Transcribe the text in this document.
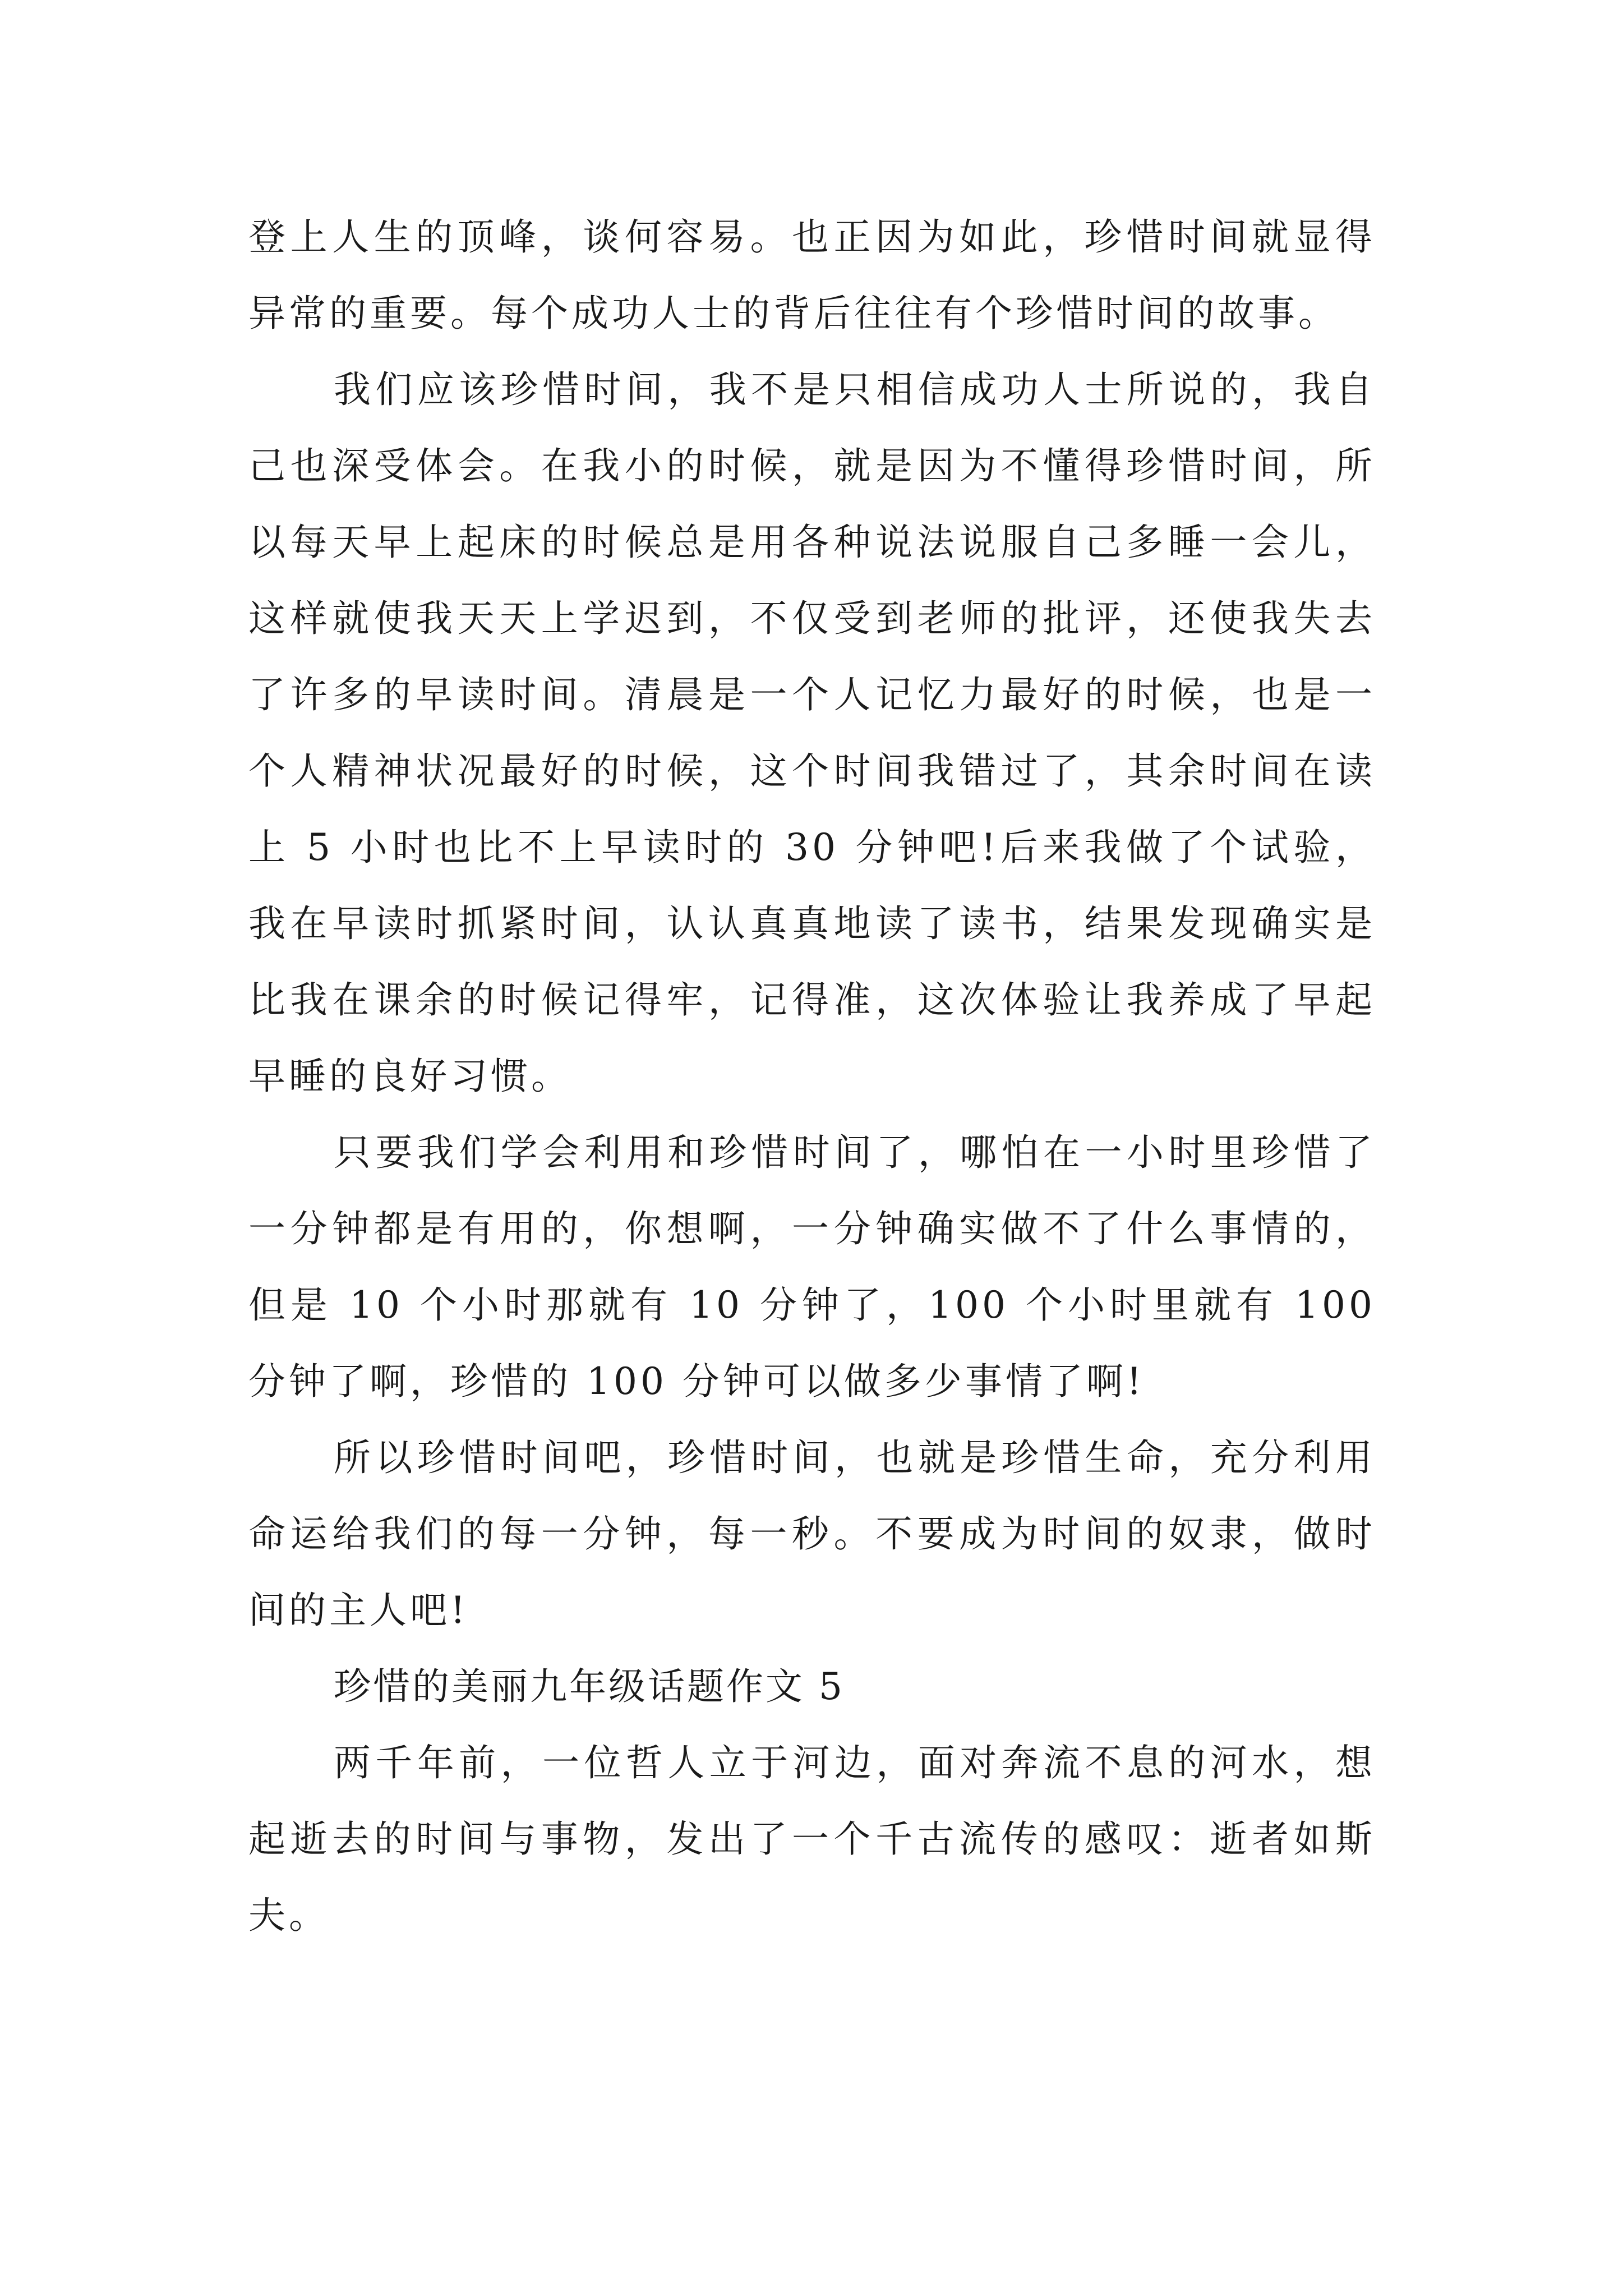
登上人生的顶峰，谈何容易。也正因为如此，珍惜时间就显得异常的重要。每个成功人士的背后往往有个珍惜时间的故事。

我们应该珍惜时间，我不是只相信成功人士所说的，我自己也深受体会。在我小的时候，就是因为不懂得珍惜时间，所以每天早上起床的时候总是用各种说法说服自己多睡一会儿，这样就使我天天上学迟到，不仅受到老师的批评，还使我失去了许多的早读时间。清晨是一个人记忆力最好的时候，也是一个人精神状况最好的时候，这个时间我错过了，其余时间在读上 5 小时也比不上早读时的 30 分钟吧!后来我做了个试验，我在早读时抓紧时间，认认真真地读了读书，结果发现确实是比我在课余的时候记得牢，记得准，这次体验让我养成了早起早睡的良好习惯。

只要我们学会利用和珍惜时间了，哪怕在一小时里珍惜了一分钟都是有用的，你想啊，一分钟确实做不了什么事情的，但是 10 个小时那就有 10 分钟了，100 个小时里就有 100 分钟了啊，珍惜的 100 分钟可以做多少事情了啊!

所以珍惜时间吧，珍惜时间，也就是珍惜生命，充分利用命运给我们的每一分钟，每一秒。不要成为时间的奴隶，做时间的主人吧!

珍惜的美丽九年级话题作文 5

两千年前，一位哲人立于河边，面对奔流不息的河水，想起逝去的时间与事物，发出了一个千古流传的感叹：逝者如斯夫。
